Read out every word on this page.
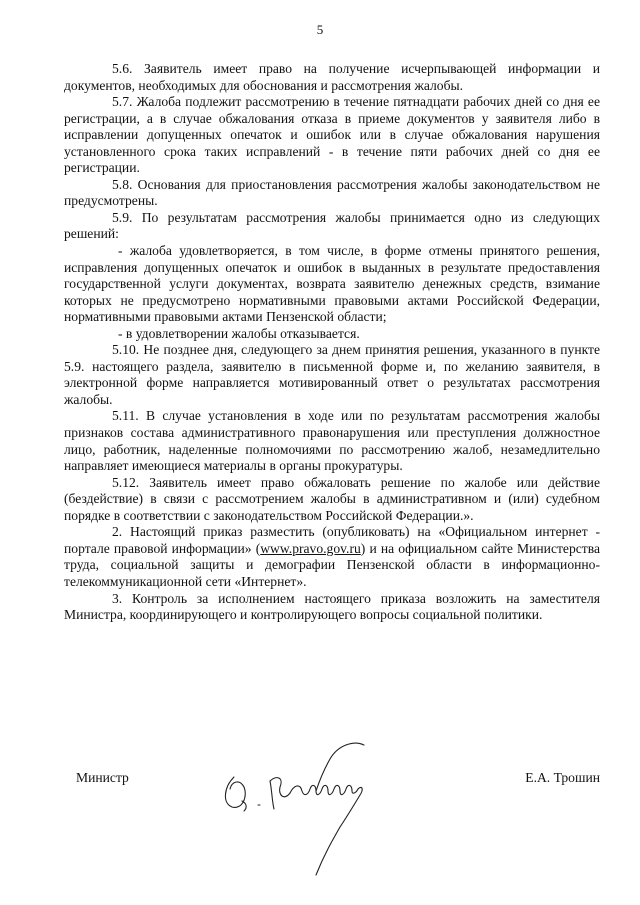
5

5.6. Заявитель имеет право на получение исчерпывающей информации и документов, необходимых для обоснования и рассмотрения жалобы.

5.7. Жалоба подлежит рассмотрению в течение пятнадцати рабочих дней со дня ее регистрации, а в случае обжалования отказа в приеме документов у заявителя либо в исправлении допущенных опечаток и ошибок или в случае обжалования нарушения установленного срока таких исправлений - в течение пяти рабочих дней со дня ее регистрации.

5.8. Основания для приостановления рассмотрения жалобы законодательством не предусмотрены.

5.9. По результатам рассмотрения жалобы принимается одно из следующих решений:

- жалоба удовлетворяется, в том числе, в форме отмены принятого решения, исправления допущенных опечаток и ошибок в выданных в результате предоставления государственной услуги документах, возврата заявителю денежных средств, взимание которых не предусмотрено нормативными правовыми актами Российской Федерации, нормативными правовыми актами Пензенской области;

- в удовлетворении жалобы отказывается.

5.10. Не позднее дня, следующего за днем принятия решения, указанного в пункте 5.9. настоящего раздела, заявителю в письменной форме и, по желанию заявителя, в электронной форме направляется мотивированный ответ о результатах рассмотрения жалобы.

5.11. В случае установления в ходе или по результатам рассмотрения жалобы признаков состава административного правонарушения или преступления должностное лицо, работник, наделенные полномочиями по рассмотрению жалоб, незамедлительно направляет имеющиеся материалы в органы прокуратуры.

5.12. Заявитель имеет право обжаловать решение по жалобе или действие (бездействие) в связи с рассмотрением жалобы в административном и (или) судебном порядке в соответствии с законодательством Российской Федерации.».

2. Настоящий приказ разместить (опубликовать) на «Официальном интернет - портале правовой информации» (www.pravo.gov.ru) и на официальном сайте Министерства труда, социальной защиты и демографии Пензенской области в информационно-телекоммуникационной сети «Интернет».

3. Контроль за исполнением настоящего приказа возложить на заместителя Министра, координирующего и контролирующего вопросы социальной политики.

Министр	Е.А. Трошин
